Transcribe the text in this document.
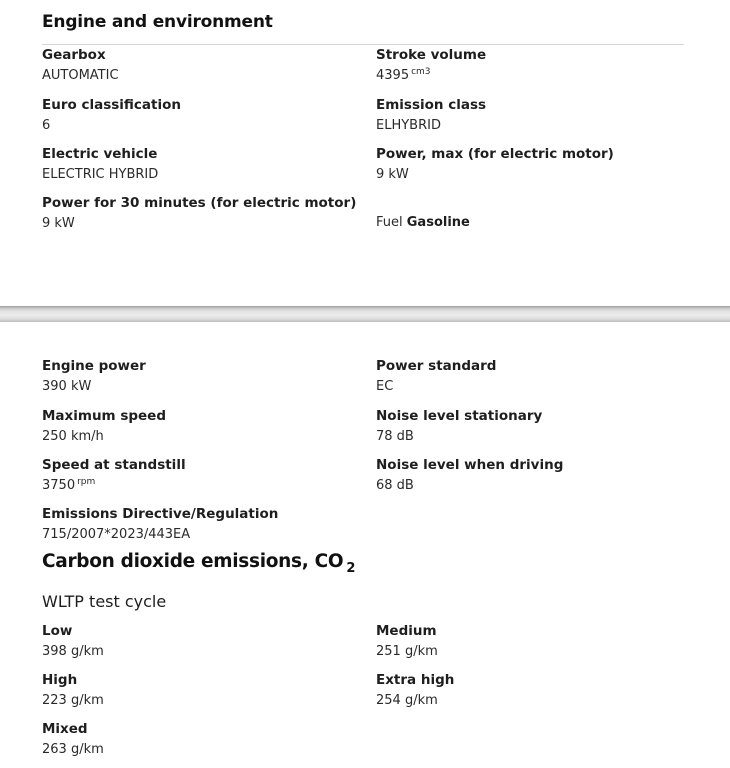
Engine and environment
Gearbox
AUTOMATIC
Stroke volume
4395 $^{cm3}$
Euro classification
6
Emission class
ELHYBRID
Electric vehicle
ELECTRIC HYBRID
Power, max (for electric motor)
9 kW
Power for 30 minutes (for electric motor)
9 kW	Fuel Gasoline
Engine power
390 kW
Power standard
EC
Maximum speed
250 km/h
Noise level stationary
78 dB
Speed at standstill
3750 $^{rpm}$
Noise level when driving
68 dB
Emissions Directive/Regulation
715/2007*2023/443EA
Carbon dioxide emissions, CO $_2$
WLTP test cycle
Low
398 g/km
Medium
251 g/km
High
223 g/km
Extra high
254 g/km
Mixed
263 g/km
